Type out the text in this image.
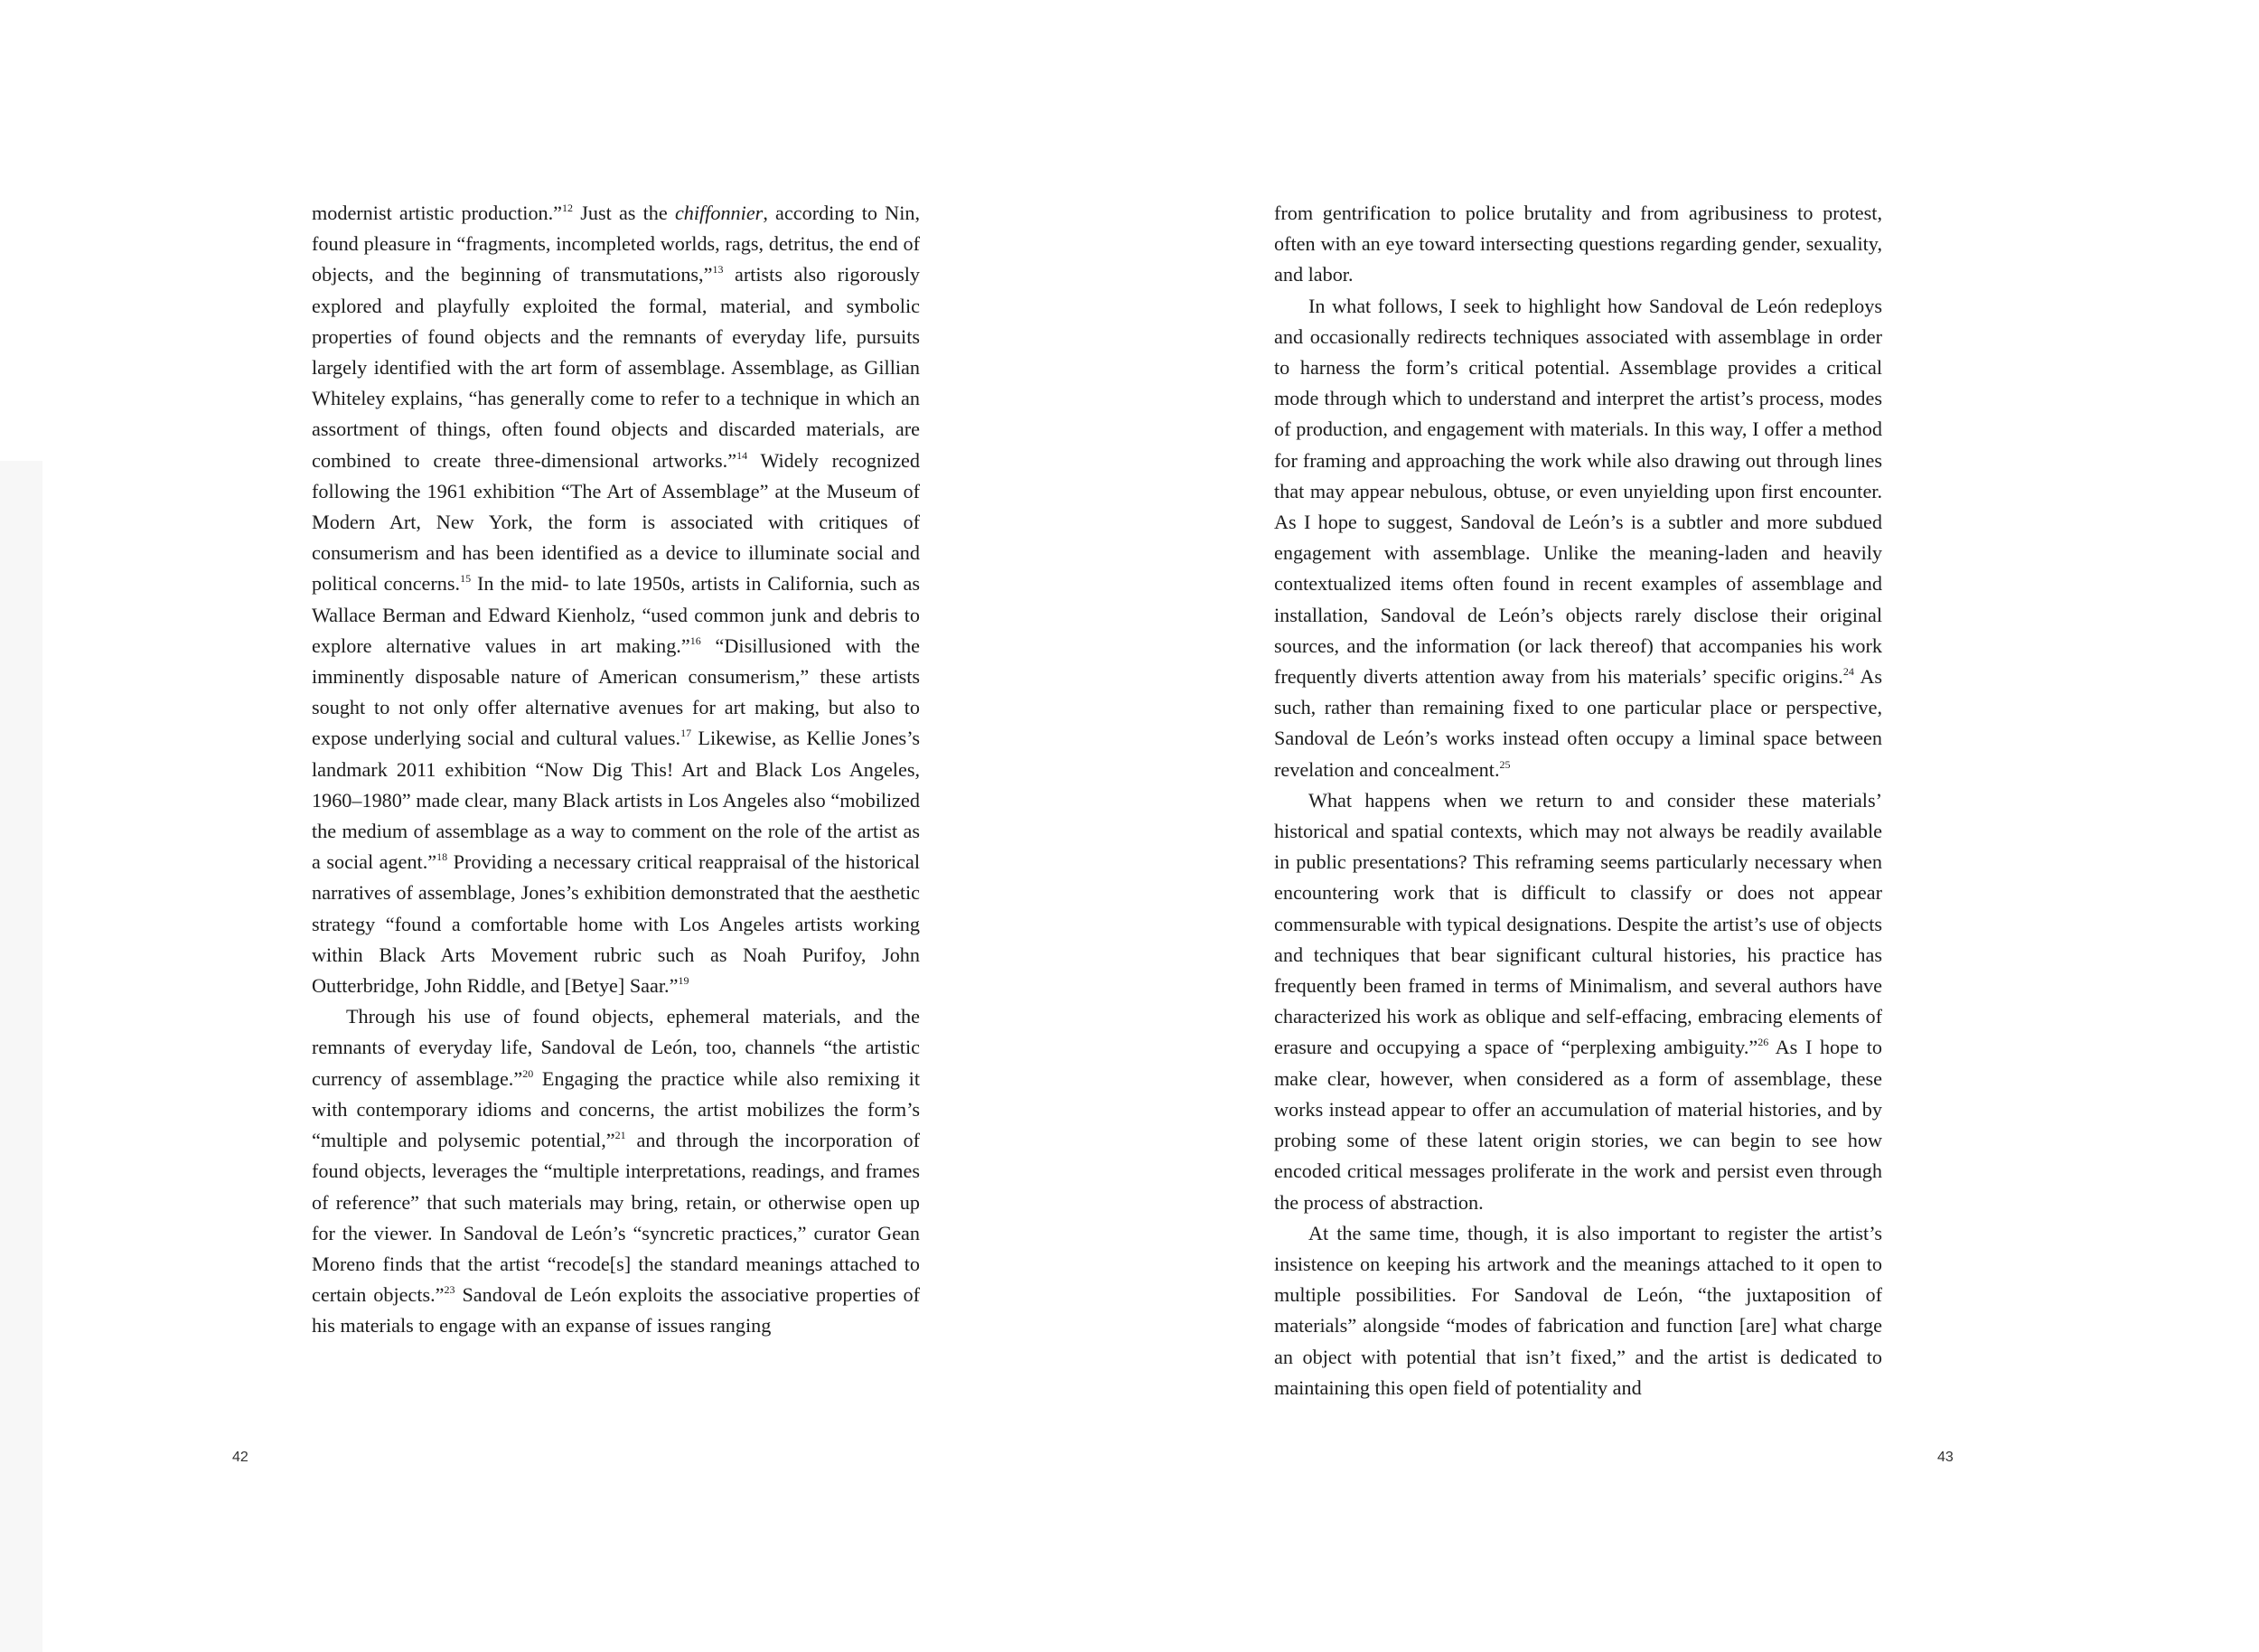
modernist artistic production.”$^{12}$ Just as the chiffonnier, according to Nin, found pleasure in “fragments, incompleted worlds, rags, detritus, the end of objects, and the beginning of transmutations,”$^{13}$ artists also rigorously explored and playfully exploited the formal, material, and symbolic properties of found objects and the remnants of everyday life, pursuits largely identified with the art form of assemblage. Assemblage, as Gillian Whiteley explains, “has generally come to refer to a technique in which an assortment of things, often found objects and discarded materials, are combined to create three-dimensional artworks.”$^{14}$ Widely recognized following the 1961 exhibition “The Art of Assemblage” at the Museum of Modern Art, New York, the form is associated with critiques of consumerism and has been identified as a device to illuminate social and political concerns.$^{15}$ In the mid- to late 1950s, artists in California, such as Wallace Berman and Edward Kienholz, “used common junk and debris to explore alternative values in art making.”$^{16}$ “Disillusioned with the imminently disposable nature of American consumerism,” these artists sought to not only offer alternative avenues for art making, but also to expose underlying social and cultural values.$^{17}$ Likewise, as Kellie Jones’s landmark 2011 exhibition “Now Dig This! Art and Black Los Angeles, 1960–1980” made clear, many Black artists in Los Angeles also “mobilized the medium of assemblage as a way to comment on the role of the artist as a social agent.”$^{18}$ Providing a necessary critical reappraisal of the historical narratives of assemblage, Jones’s exhibition demonstrated that the aesthetic strategy “found a comfortable home with Los Angeles artists working within Black Arts Movement rubric such as Noah Purifoy, John Outterbridge, John Riddle, and [Betye] Saar.”$^{19}$

Through his use of found objects, ephemeral materials, and the remnants of everyday life, Sandoval de León, too, channels “the artistic currency of assemblage.”$^{20}$ Engaging the practice while also remixing it with contemporary idioms and concerns, the artist mobilizes the form’s “multiple and polysemic potential,”$^{21}$ and through the incorporation of found objects, leverages the “multiple interpretations, readings, and frames of reference” that such materials may bring, retain, or otherwise open up for the viewer. In Sandoval de León’s “syncretic practices,” curator Gean Moreno finds that the artist “recode[s] the standard meanings attached to certain objects.”$^{23}$ Sandoval de León exploits the associative properties of his materials to engage with an expanse of issues ranging

42

from gentrification to police brutality and from agribusiness to protest, often with an eye toward intersecting questions regarding gender, sexuality, and labor.

In what follows, I seek to highlight how Sandoval de León redeploys and occasionally redirects techniques associated with assemblage in order to harness the form’s critical potential. Assemblage provides a critical mode through which to understand and interpret the artist’s process, modes of production, and engagement with materials. In this way, I offer a method for framing and approaching the work while also drawing out through lines that may appear nebulous, obtuse, or even unyielding upon first encounter. As I hope to suggest, Sandoval de León’s is a subtler and more subdued engagement with assemblage. Unlike the meaning-laden and heavily contextualized items often found in recent examples of assemblage and installation, Sandoval de León’s objects rarely disclose their original sources, and the information (or lack thereof) that accompanies his work frequently diverts attention away from his materials’ specific origins.$^{24}$ As such, rather than remaining fixed to one particular place or perspective, Sandoval de León’s works instead often occupy a liminal space between revelation and concealment.$^{25}$

What happens when we return to and consider these materials’ historical and spatial contexts, which may not always be readily available in public presentations? This reframing seems particularly necessary when encountering work that is difficult to classify or does not appear commensurable with typical designations. Despite the artist’s use of objects and techniques that bear significant cultural histories, his practice has frequently been framed in terms of Minimalism, and several authors have characterized his work as oblique and self-effacing, embracing elements of erasure and occupying a space of “perplexing ambiguity.”$^{26}$ As I hope to make clear, however, when considered as a form of assemblage, these works instead appear to offer an accumulation of material histories, and by probing some of these latent origin stories, we can begin to see how encoded critical messages proliferate in the work and persist even through the process of abstraction.

At the same time, though, it is also important to register the artist’s insistence on keeping his artwork and the meanings attached to it open to multiple possibilities. For Sandoval de León, “the juxtaposition of materials” alongside “modes of fabrication and function [are] what charge an object with potential that isn’t fixed,” and the artist is dedicated to maintaining this open field of potentiality and

43
